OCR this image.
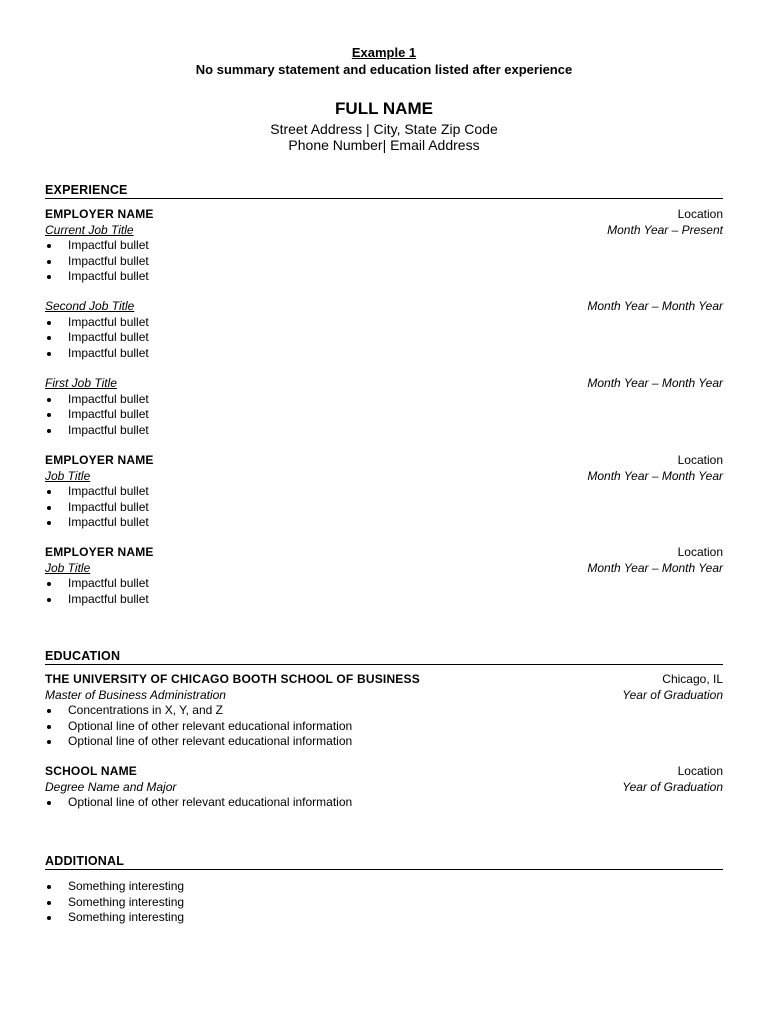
Example 1
No summary statement and education listed after experience
FULL NAME
Street Address | City, State Zip Code
Phone Number| Email Address
EXPERIENCE
EMPLOYER NAME	Location
Current Job Title	Month Year – Present
Impactful bullet
Impactful bullet
Impactful bullet
Second Job Title	Month Year – Month Year
Impactful bullet
Impactful bullet
Impactful bullet
First Job Title	Month Year – Month Year
Impactful bullet
Impactful bullet
Impactful bullet
EMPLOYER NAME	Location
Job Title	Month Year – Month Year
Impactful bullet
Impactful bullet
Impactful bullet
EMPLOYER NAME	Location
Job Title	Month Year – Month Year
Impactful bullet
Impactful bullet
EDUCATION
THE UNIVERSITY OF CHICAGO BOOTH SCHOOL OF BUSINESS	Chicago, IL
Master of Business Administration	Year of Graduation
Concentrations in X, Y, and Z
Optional line of other relevant educational information
Optional line of other relevant educational information
SCHOOL NAME	Location
Degree Name and Major	Year of Graduation
Optional line of other relevant educational information
ADDITIONAL
Something interesting
Something interesting
Something interesting
